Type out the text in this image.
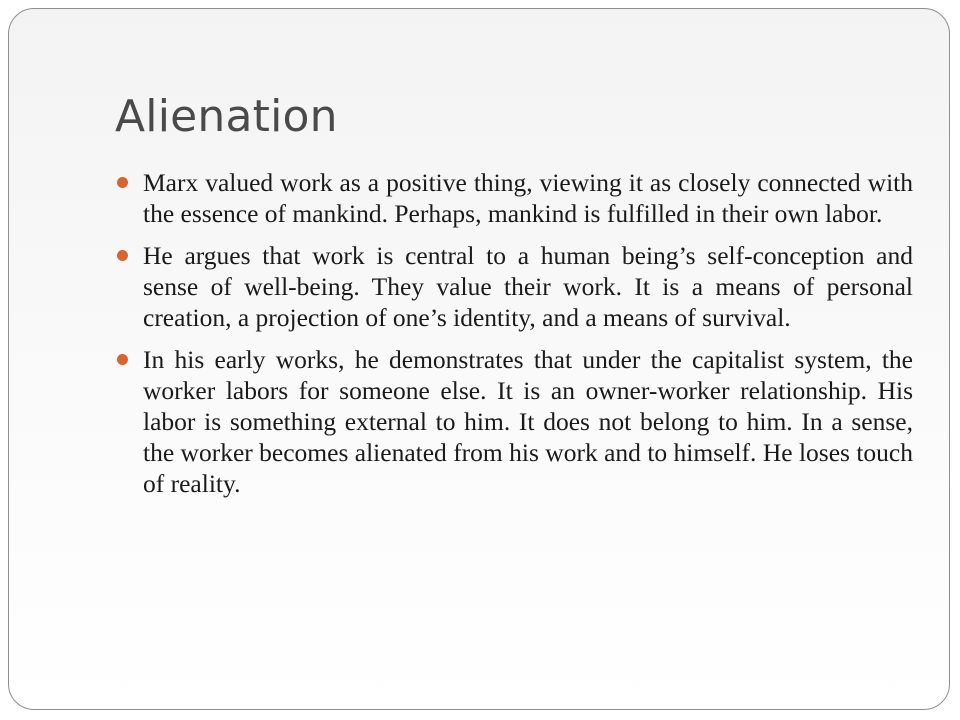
Alienation
Marx valued work as a positive thing, viewing it as closely connected with the essence of mankind. Perhaps, mankind is fulfilled in their own labor.
He argues that work is central to a human being’s self-conception and sense of well-being. They value their work. It is a means of personal creation, a projection of one’s identity, and a means of survival.
In his early works, he demonstrates that under the capitalist system, the worker labors for someone else. It is an owner-worker relationship. His labor is something external to him. It does not belong to him. In a sense, the worker becomes alienated from his work and to himself. He loses touch of reality.
